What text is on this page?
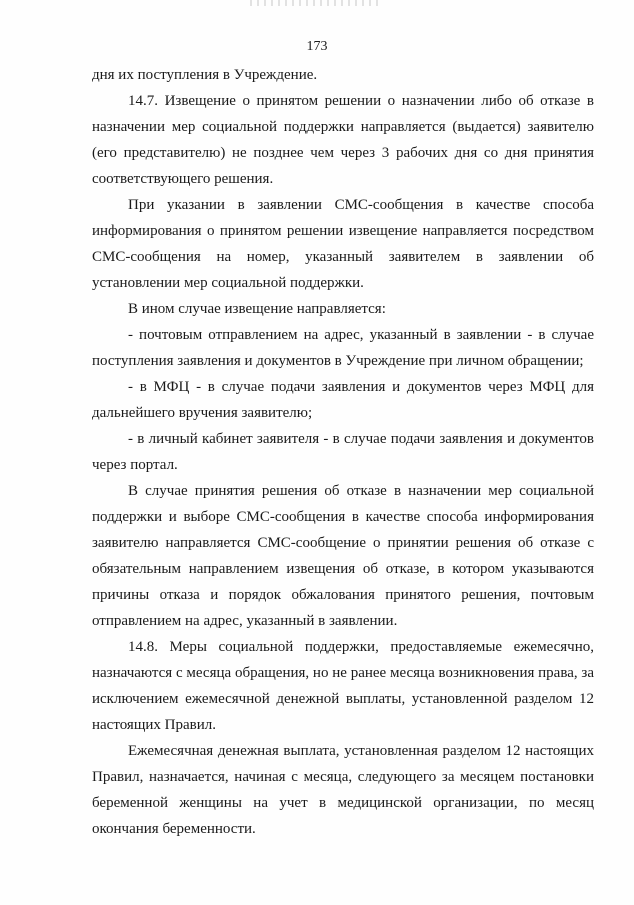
173

дня их поступления в Учреждение.

14.7. Извещение о принятом решении о назначении либо об отказе в назначении мер социальной поддержки направляется (выдается) заявителю (его представителю) не позднее чем через 3 рабочих дня со дня принятия соответствующего решения.

При указании в заявлении СМС-сообщения в качестве способа информирования о принятом решении извещение направляется посредством СМС-сообщения на номер, указанный заявителем в заявлении об установлении мер социальной поддержки.

В ином случае извещение направляется:

- почтовым отправлением на адрес, указанный в заявлении - в случае поступления заявления и документов в Учреждение при личном обращении;

- в МФЦ - в случае подачи заявления и документов через МФЦ для дальнейшего вручения заявителю;

- в личный кабинет заявителя - в случае подачи заявления и документов через портал.

В случае принятия решения об отказе в назначении мер социальной поддержки и выборе СМС-сообщения в качестве способа информирования заявителю направляется СМС-сообщение о принятии решения об отказе с обязательным направлением извещения об отказе, в котором указываются причины отказа и порядок обжалования принятого решения, почтовым отправлением на адрес, указанный в заявлении.

14.8. Меры социальной поддержки, предоставляемые ежемесячно, назначаются с месяца обращения, но не ранее месяца возникновения права, за исключением ежемесячной денежной выплаты, установленной разделом 12 настоящих Правил.

Ежемесячная денежная выплата, установленная разделом 12 настоящих Правил, назначается, начиная с месяца, следующего за месяцем постановки беременной женщины на учет в медицинской организации, по месяц окончания беременности.
